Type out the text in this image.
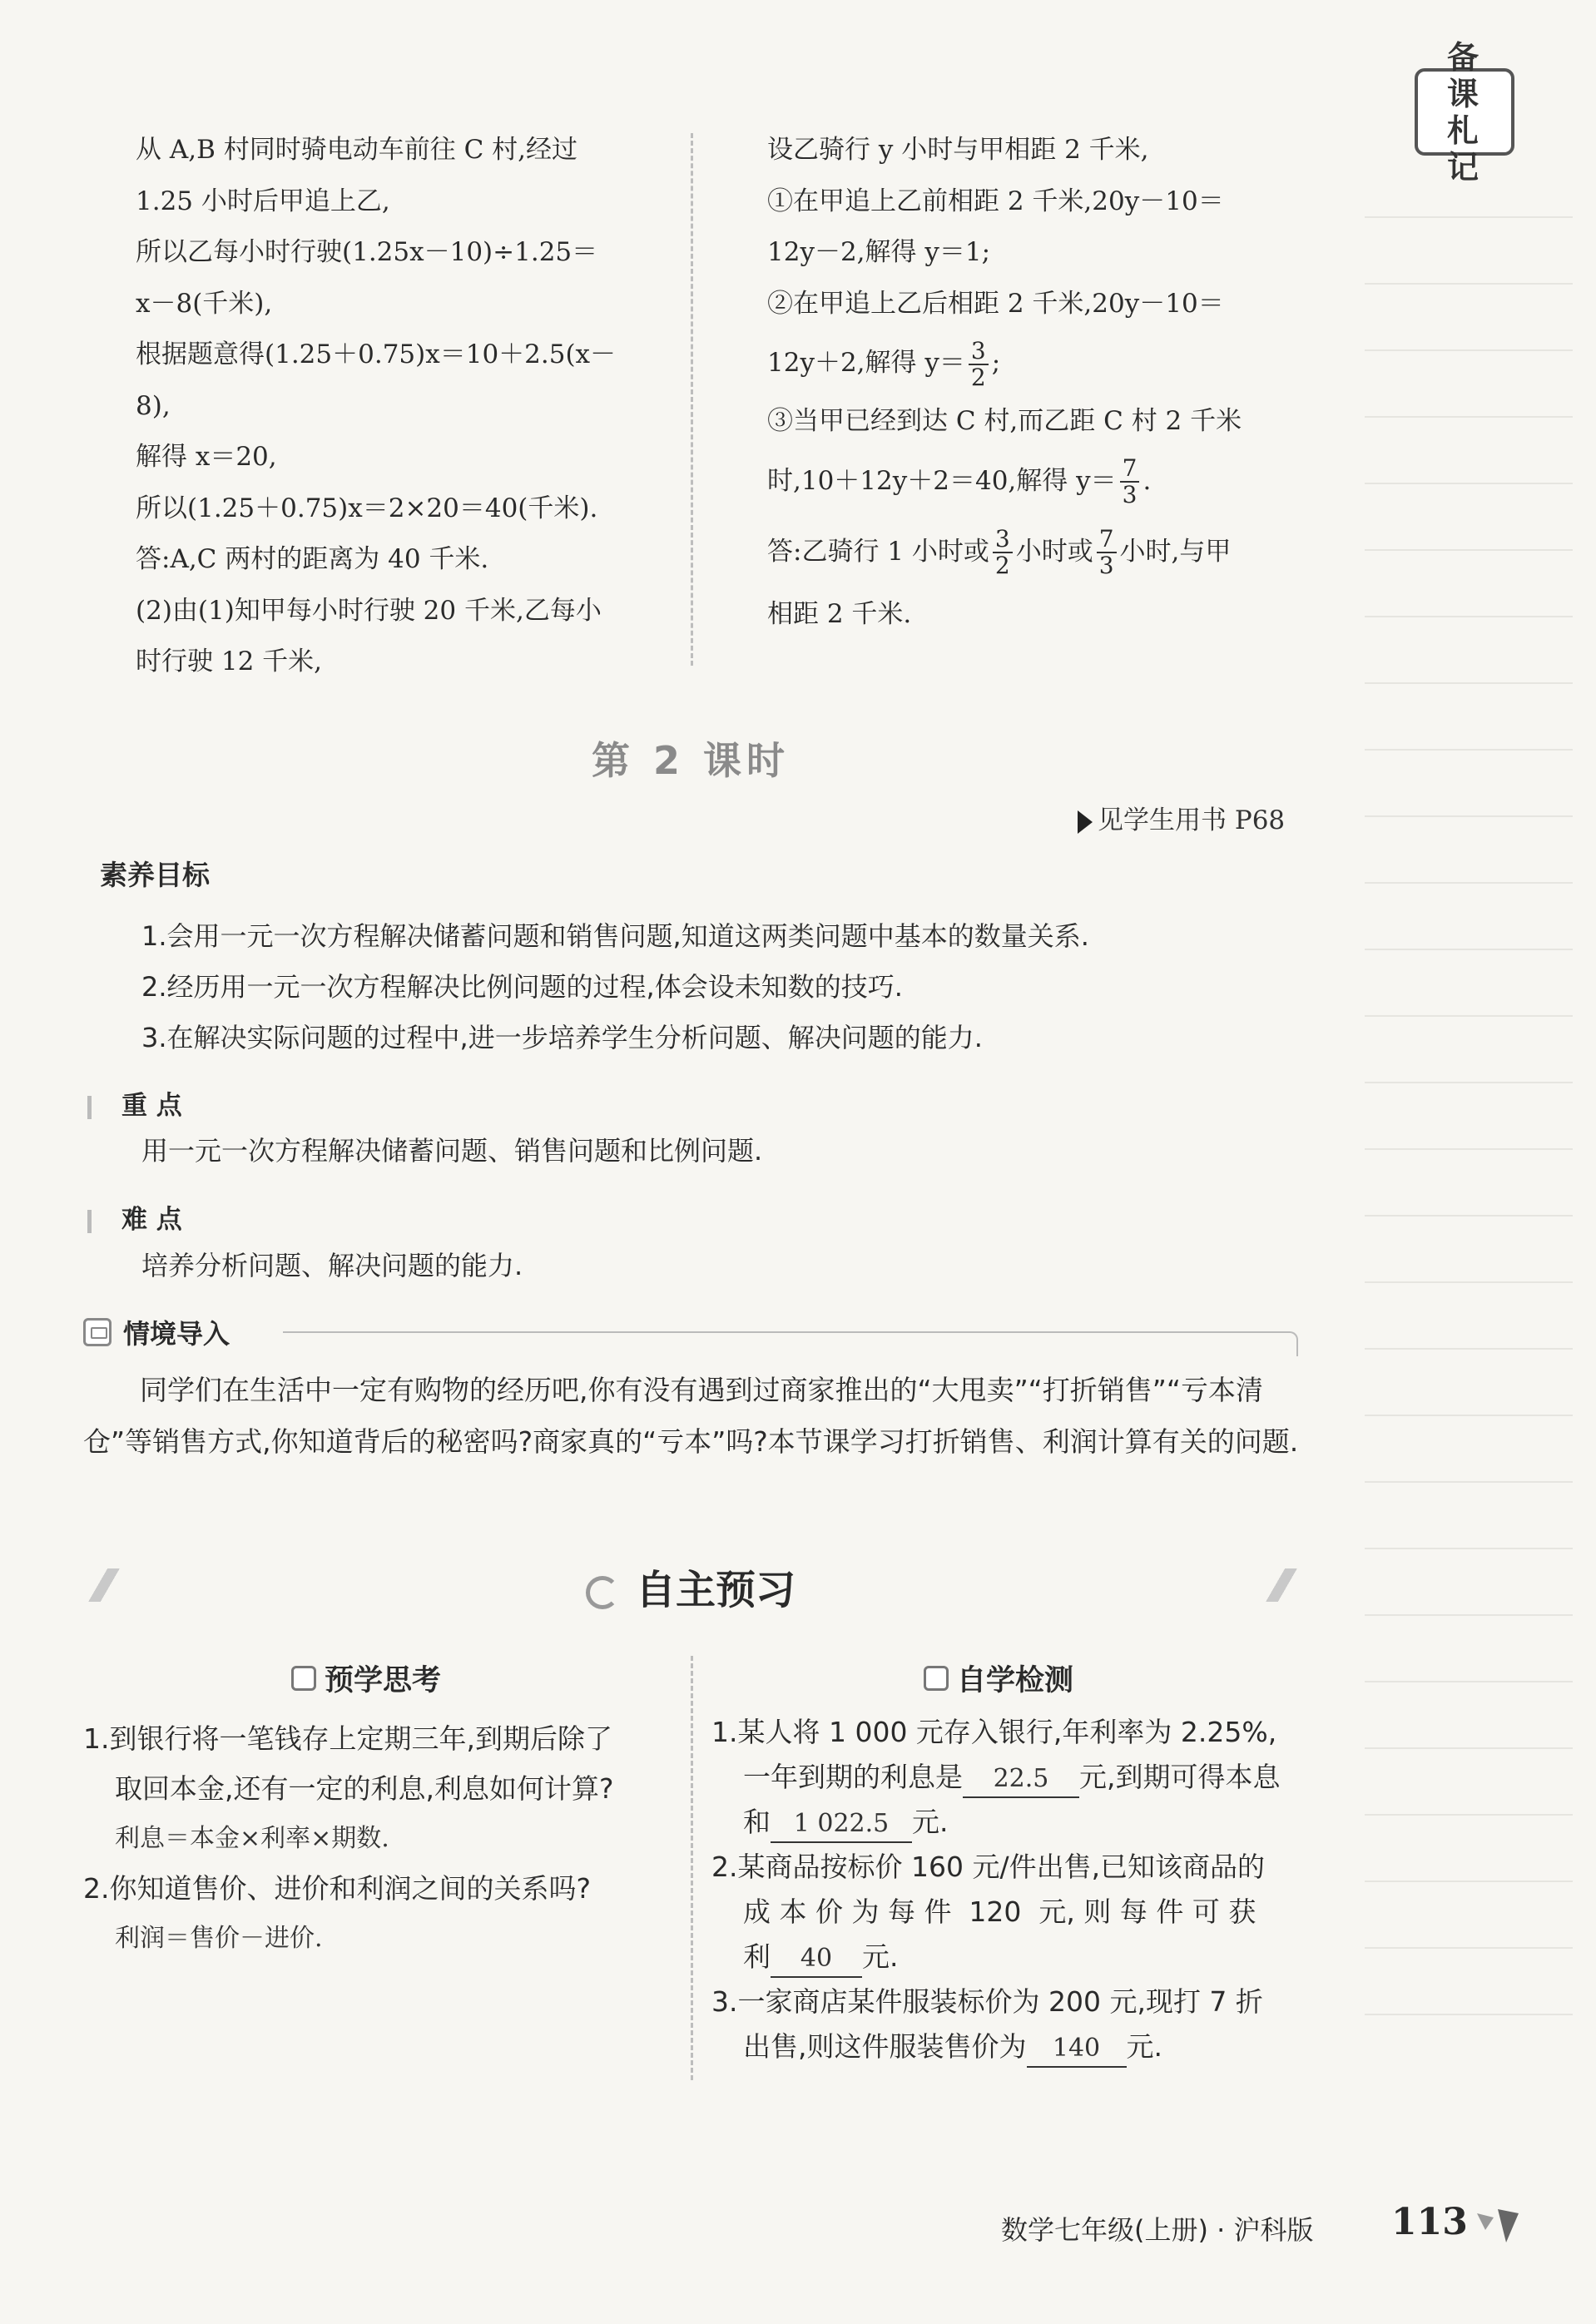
备课札记
从 A,B 村同时骑电动车前往 C 村,经过
1.25 小时后甲追上乙,
所以乙每小时行驶(1.25x－10)÷1.25＝
x－8(千米),
根据题意得(1.25＋0.75)x＝10＋2.5(x－
8),
解得 x＝20,
所以(1.25＋0.75)x＝2×20＝40(千米).
答:A,C 两村的距离为 40 千米.
(2)由(1)知甲每小时行驶 20 千米,乙每小
时行驶 12 千米,
设乙骑行 y 小时与甲相距 2 千米,
①在甲追上乙前相距 2 千米,20y－10＝
12y－2,解得 y＝1;
②在甲追上乙后相距 2 千米,20y－10＝
12y＋2,解得 $y= \frac{3}{2}$ ;
③当甲已经到达 C 村,而乙距 C 村 2 千米
时,10＋12y＋2＝40,解得 $y= \frac{7}{3}$ .
答:乙骑行 1 小时或 $\frac{3}{2}$ 小时或 $\frac{7}{3}$ 小时,与甲
相距 2 千米.
第 2 课时
见学生用书 P68
素养目标
1.会用一元一次方程解决储蓄问题和销售问题,知道这两类问题中基本的数量关系.
2.经历用一元一次方程解决比例问题的过程,体会设未知数的技巧.
3.在解决实际问题的过程中,进一步培养学生分析问题、解决问题的能力.
重 点
用一元一次方程解决储蓄问题、销售问题和比例问题.
难 点
培养分析问题、解决问题的能力.
情境导入
同学们在生活中一定有购物的经历吧,你有没有遇到过商家推出的“大甩卖”“打折销售”“亏本清仓”等销售方式,你知道背后的秘密吗?商家真的“亏本”吗?本节课学习打折销售、利润计算有关的问题.
自主预习
预学思考	自学检测
1.到银行将一笔钱存上定期三年,到期后除了
取回本金,还有一定的利息,利息如何计算?
利息＝本金×利率×期数.
2.你知道售价、进价和利润之间的关系吗?
利润＝售价－进价.
1.某人将 1 000 元存入银行,年利率为 2.25%,
一年到期的利息是 22.5 元,到期可得本息
和 1 022.5 元.
2.某商品按标价 160 元/件出售,已知该商品的
成 本 价 为 每 件  120  元, 则 每 件 可 获
利 40 元.
3.一家商店某件服装标价为 200 元,现打 7 折
出售,则这件服装售价为 140 元.
数学七年级(上册) · 沪科版 113
